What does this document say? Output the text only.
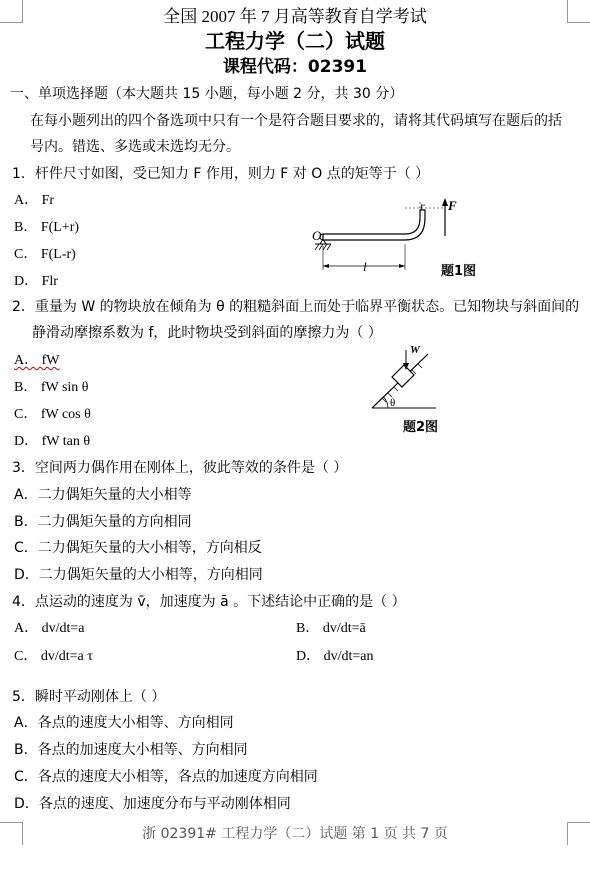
全国 2007 年 7 月高等教育自学考试
工程力学（二）试题
课程代码：02391
一、单项选择题（本大题共 15 小题，每小题 2 分，共 30 分）
在每小题列出的四个备选项中只有一个是符合题目要求的，请将其代码填写在题后的括
号内。错选、多选或未选均无分。
1．杆件尺寸如图，受已知力 F 作用，则力 F 对 O 点的矩等于（ ）
A． Fr
B． F(L+r)
C． F(L-r)
D． Flr
O
r F
l	题1图
2．重量为 W 的物块放在倾角为 θ 的粗糙斜面上而处于临界平衡状态。已知物块与斜面间的
静滑动摩擦系数为 f，此时物块受到斜面的摩擦力为（ ）
A． fW
B． fW sin θ
C． fW cos θ
D． fW tan θ
W
θ
题2图
3．空间两力偶作用在刚体上，彼此等效的条件是（ ）
A．二力偶矩矢量的大小相等
B．二力偶矩矢量的方向相同
C．二力偶矩矢量的大小相等，方向相反
D．二力偶矩矢量的大小相等，方向相同
4．点运动的速度为 v̄，加速度为 ā 。下述结论中正确的是（ ）
A． dv/dt=a	B． dv/dt=ā
C． dv/dt=a τ	D． dv/dt=an
5．瞬时平动刚体上（ ）
A．各点的速度大小相等、方向相同
B．各点的加速度大小相等、方向相同
C．各点的速度大小相等，各点的加速度方向相同
D．各点的速度、加速度分布与平动刚体相同
浙 02391# 工程力学（二）试题 第 1 页 共 7 页
